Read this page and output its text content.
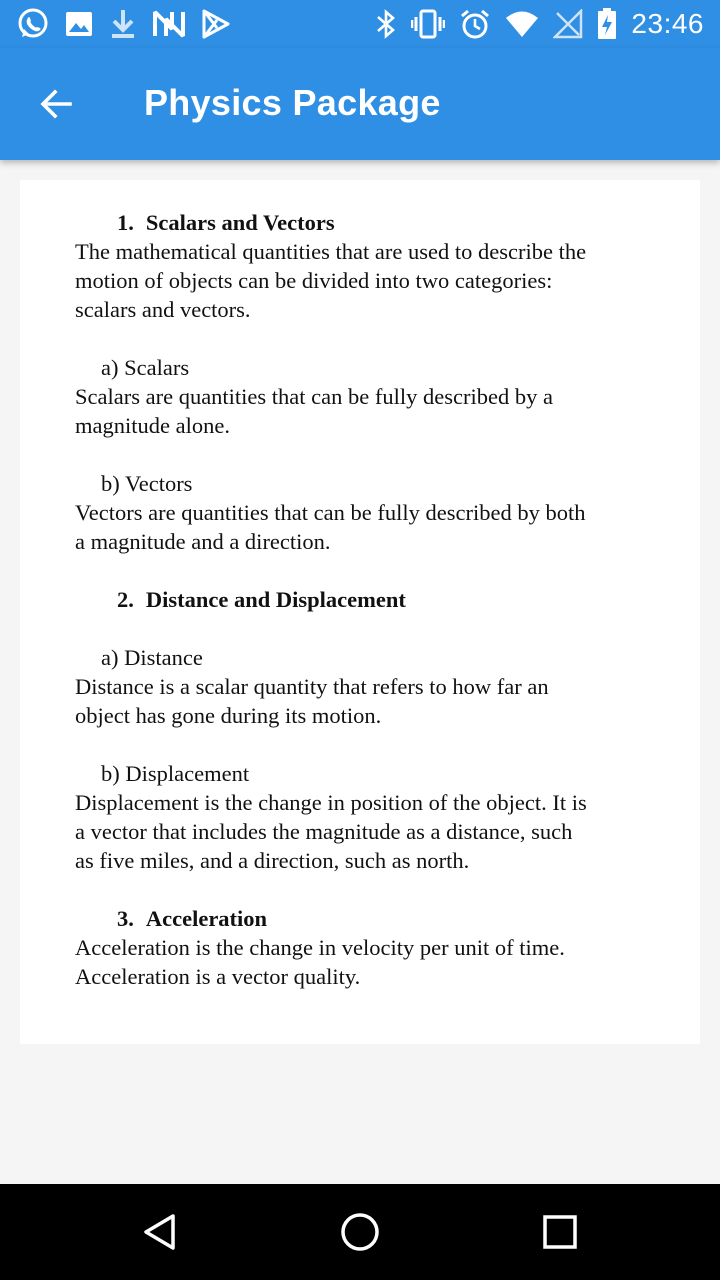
23:46
Physics Package

1. Scalars and Vectors

The mathematical quantities that are used to describe the

motion of objects can be divided into two categories:

scalars and vectors.

a) Scalars

Scalars are quantities that can be fully described by a

magnitude alone.

b) Vectors

Vectors are quantities that can be fully described by both

a magnitude and a direction.

2. Distance and Displacement

a) Distance

Distance is a scalar quantity that refers to how far an

object has gone during its motion.

b) Displacement

Displacement is the change in position of the object. It is

a vector that includes the magnitude as a distance, such

as five miles, and a direction, such as north.

3. Acceleration

Acceleration is the change in velocity per unit of time.

Acceleration is a vector quality.
